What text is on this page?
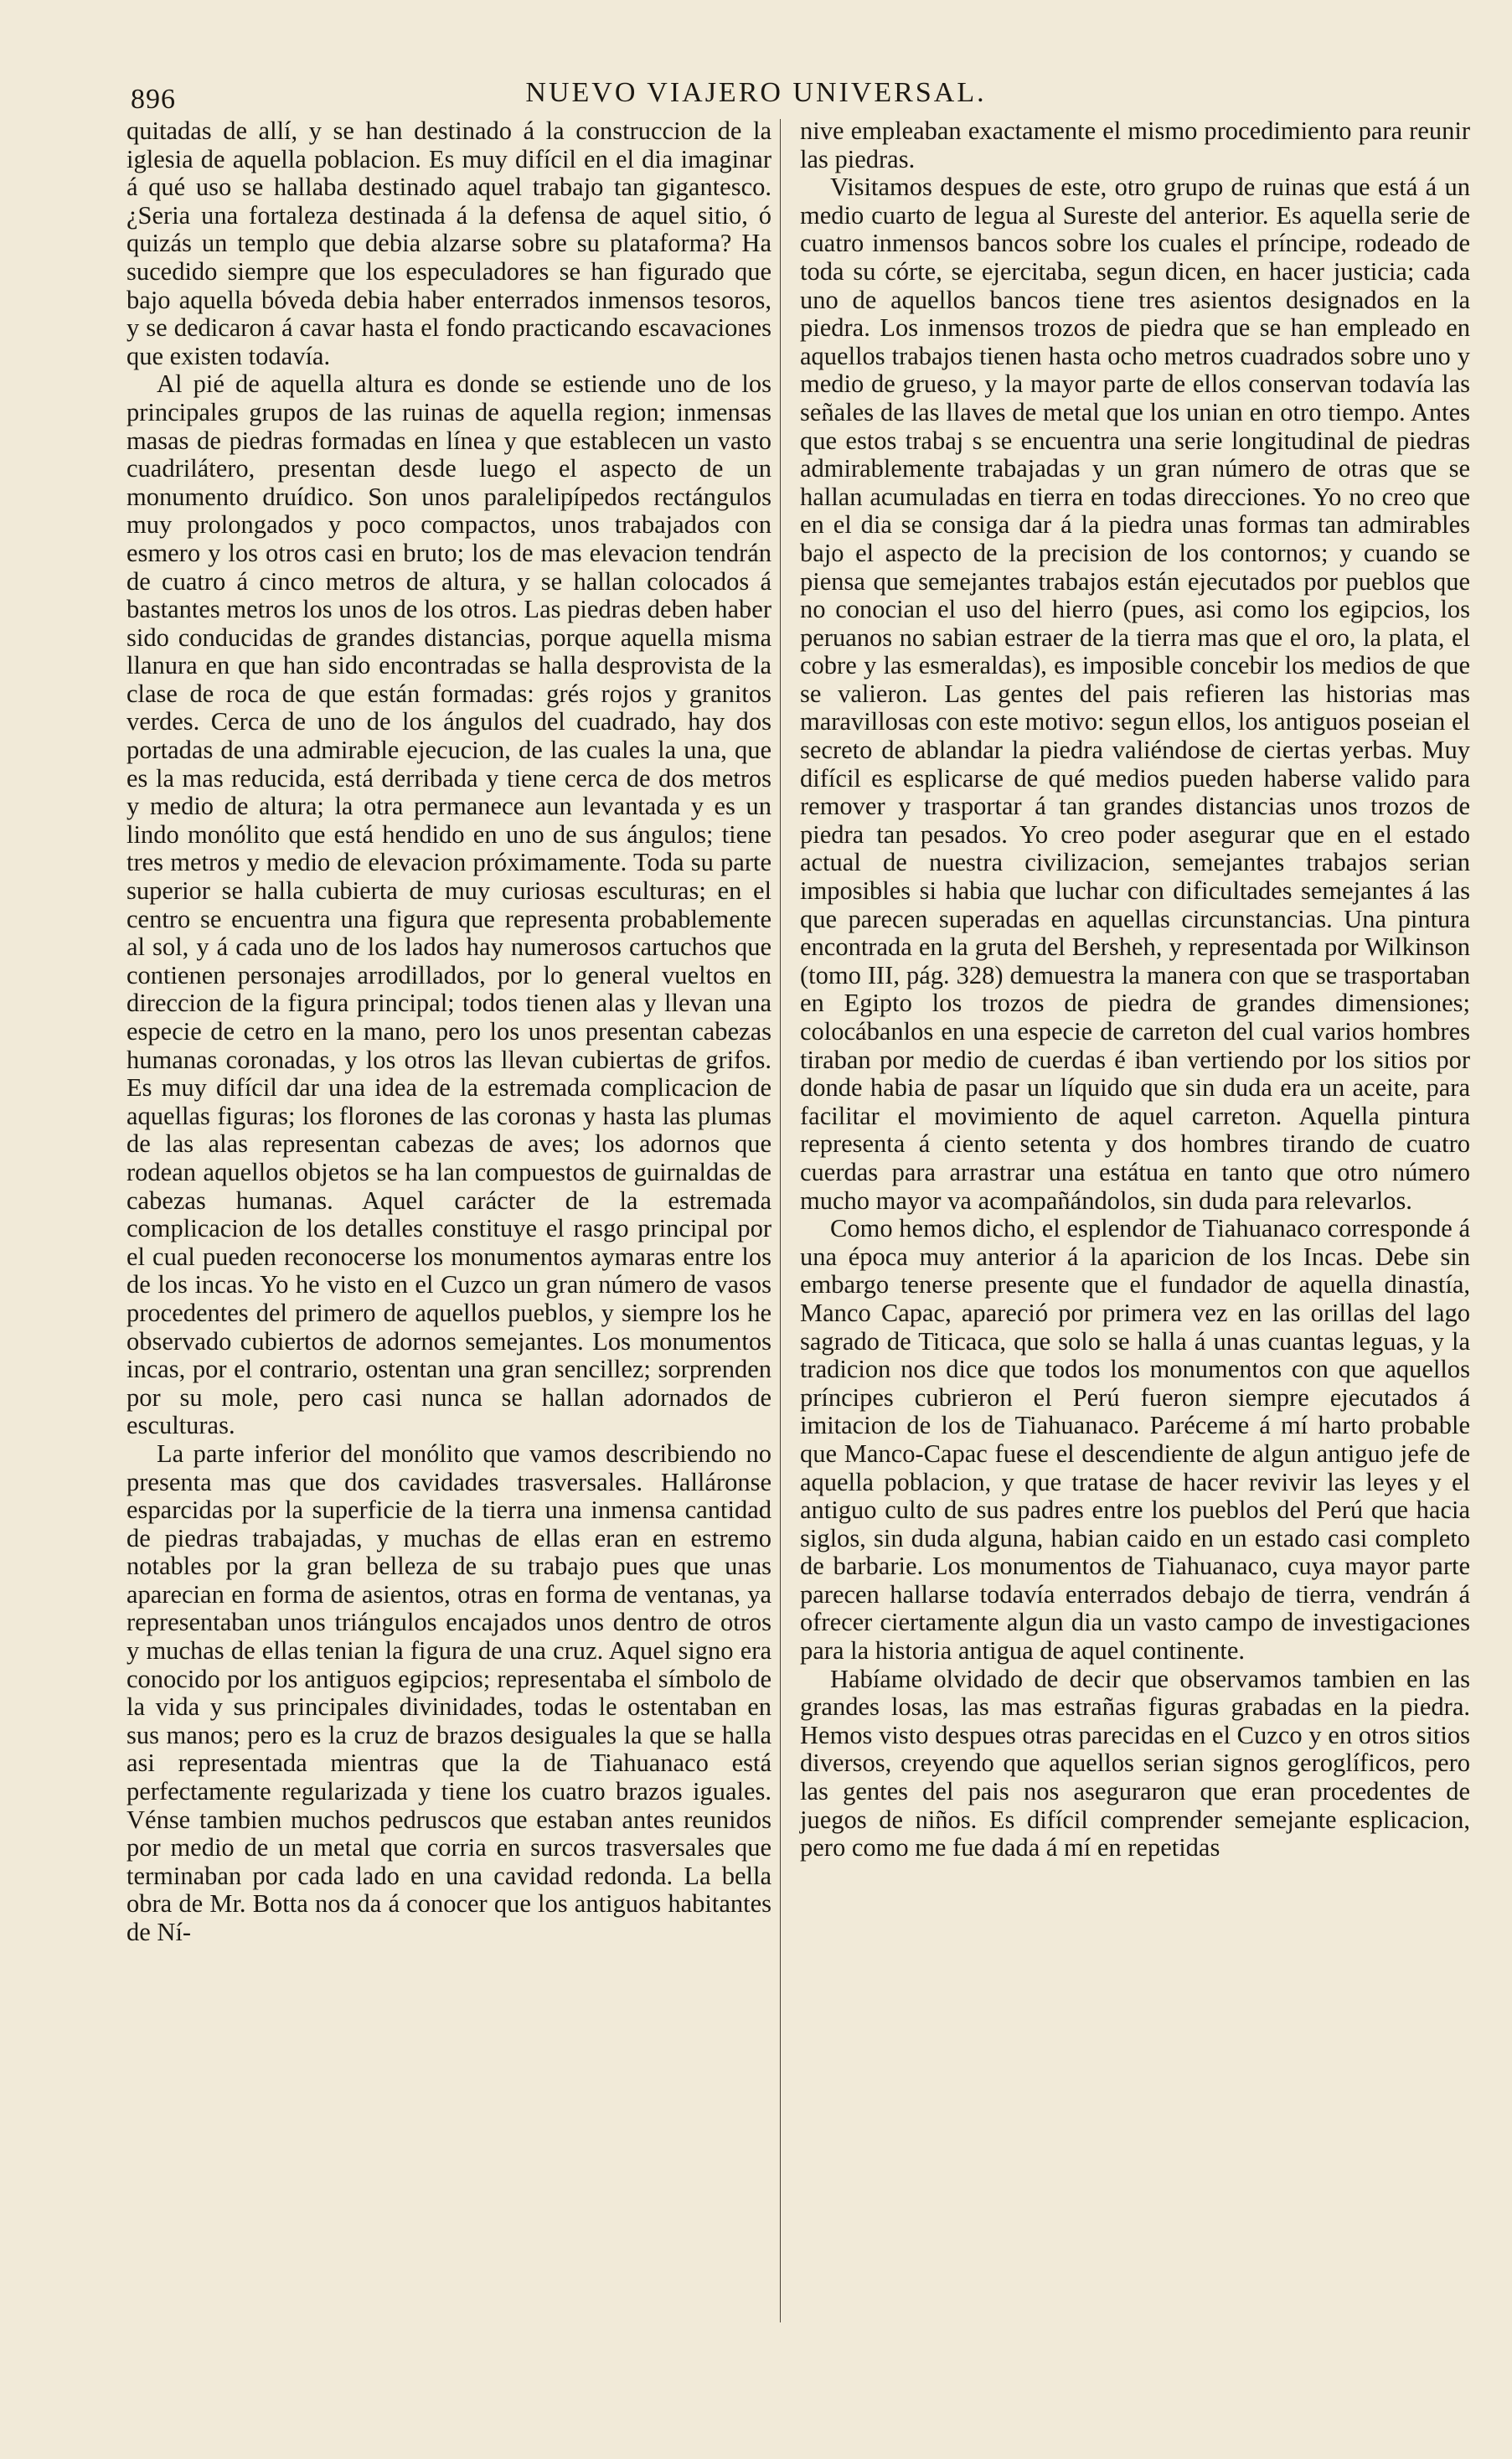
896	NUEVO VIAJERO UNIVERSAL.

quitadas de allí, y se han destinado á la construccion de la iglesia de aquella poblacion. Es muy difícil en el dia imaginar á qué uso se hallaba destinado aquel trabajo tan gigantesco. ¿Seria una fortaleza destinada á la defensa de aquel sitio, ó quizás un templo que debia alzarse sobre su plataforma? Ha sucedido siempre que los especuladores se han figurado que bajo aquella bóveda debia haber enterrados inmensos tesoros, y se dedicaron á cavar hasta el fondo practicando escavaciones que existen todavía.

Al pié de aquella altura es donde se estiende uno de los principales grupos de las ruinas de aquella region; inmensas masas de piedras formadas en línea y que establecen un vasto cuadrilátero, presentan desde luego el aspecto de un monumento druídico. Son unos paralelipípedos rectángulos muy prolongados y poco compactos, unos trabajados con esmero y los otros casi en bruto; los de mas elevacion tendrán de cuatro á cinco metros de altura, y se hallan colocados á bastantes metros los unos de los otros. Las piedras deben haber sido conducidas de grandes distancias, porque aquella misma llanura en que han sido encontradas se halla desprovista de la clase de roca de que están formadas: grés rojos y granitos verdes. Cerca de uno de los ángulos del cuadrado, hay dos portadas de una admirable ejecucion, de las cuales la una, que es la mas reducida, está derribada y tiene cerca de dos metros y medio de altura; la otra permanece aun levantada y es un lindo monólito que está hendido en uno de sus ángulos; tiene tres metros y medio de elevacion próximamente. Toda su parte superior se halla cubierta de muy curiosas esculturas; en el centro se encuentra una figura que representa probablemente al sol, y á cada uno de los lados hay numerosos cartuchos que contienen personajes arrodillados, por lo general vueltos en direccion de la figura principal; todos tienen alas y llevan una especie de cetro en la mano, pero los unos presentan cabezas humanas coronadas, y los otros las llevan cubiertas de grifos. Es muy difícil dar una idea de la estremada complicacion de aquellas figuras; los florones de las coronas y hasta las plumas de las alas representan cabezas de aves; los adornos que rodean aquellos objetos se ha lan compuestos de guirnaldas de cabezas humanas. Aquel carácter de la estremada complicacion de los detalles constituye el rasgo principal por el cual pueden reconocerse los monumentos aymaras entre los de los incas. Yo he visto en el Cuzco un gran número de vasos procedentes del primero de aquellos pueblos, y siempre los he observado cubiertos de adornos semejantes. Los monumentos incas, por el contrario, ostentan una gran sencillez; sorprenden por su mole, pero casi nunca se hallan adornados de esculturas.

La parte inferior del monólito que vamos describiendo no presenta mas que dos cavidades trasversales. Halláronse esparcidas por la superficie de la tierra una inmensa cantidad de piedras trabajadas, y muchas de ellas eran en estremo notables por la gran belleza de su trabajo pues que unas aparecian en forma de asientos, otras en forma de ventanas, ya representaban unos triángulos encajados unos dentro de otros y muchas de ellas tenian la figura de una cruz. Aquel signo era conocido por los antiguos egipcios; representaba el símbolo de la vida y sus principales divinidades, todas le ostentaban en sus manos; pero es la cruz de brazos desiguales la que se halla asi representada mientras que la de Tiahuanaco está perfectamente regularizada y tiene los cuatro brazos iguales. Vénse tambien muchos pedruscos que estaban antes reunidos por medio de un metal que corria en surcos trasversales que terminaban por cada lado en una cavidad redonda. La bella obra de Mr. Botta nos da á conocer que los antiguos habitantes de Ní-

nive empleaban exactamente el mismo procedimiento para reunir las piedras.

Visitamos despues de este, otro grupo de ruinas que está á un medio cuarto de legua al Sureste del anterior. Es aquella serie de cuatro inmensos bancos sobre los cuales el príncipe, rodeado de toda su córte, se ejercitaba, segun dicen, en hacer justicia; cada uno de aquellos bancos tiene tres asientos designados en la piedra. Los inmensos trozos de piedra que se han empleado en aquellos trabajos tienen hasta ocho metros cuadrados sobre uno y medio de grueso, y la mayor parte de ellos conservan todavía las señales de las llaves de metal que los unian en otro tiempo. Antes que estos trabaj s se encuentra una serie longitudinal de piedras admirablemente trabajadas y un gran número de otras que se hallan acumuladas en tierra en todas direcciones. Yo no creo que en el dia se consiga dar á la piedra unas formas tan admirables bajo el aspecto de la precision de los contornos; y cuando se piensa que semejantes trabajos están ejecutados por pueblos que no conocian el uso del hierro (pues, asi como los egipcios, los peruanos no sabian estraer de la tierra mas que el oro, la plata, el cobre y las esmeraldas), es imposible concebir los medios de que se valieron. Las gentes del pais refieren las historias mas maravillosas con este motivo: segun ellos, los antiguos poseian el secreto de ablandar la piedra valiéndose de ciertas yerbas. Muy difícil es esplicarse de qué medios pueden haberse valido para remover y trasportar á tan grandes distancias unos trozos de piedra tan pesados. Yo creo poder asegurar que en el estado actual de nuestra civilizacion, semejantes trabajos serian imposibles si habia que luchar con dificultades semejantes á las que parecen superadas en aquellas circunstancias. Una pintura encontrada en la gruta del Bersheh, y representada por Wilkinson (tomo III, pág. 328) demuestra la manera con que se trasportaban en Egipto los trozos de piedra de grandes dimensiones; colocábanlos en una especie de carreton del cual varios hombres tiraban por medio de cuerdas é iban vertiendo por los sitios por donde habia de pasar un líquido que sin duda era un aceite, para facilitar el movimiento de aquel carreton. Aquella pintura representa á ciento setenta y dos hombres tirando de cuatro cuerdas para arrastrar una estátua en tanto que otro número mucho mayor va acompañándolos, sin duda para relevarlos.

Como hemos dicho, el esplendor de Tiahuanaco corresponde á una época muy anterior á la aparicion de los Incas. Debe sin embargo tenerse presente que el fundador de aquella dinastía, Manco Capac, apareció por primera vez en las orillas del lago sagrado de Titicaca, que solo se halla á unas cuantas leguas, y la tradicion nos dice que todos los monumentos con que aquellos príncipes cubrieron el Perú fueron siempre ejecutados á imitacion de los de Tiahuanaco. Paréceme á mí harto probable que Manco-Capac fuese el descendiente de algun antiguo jefe de aquella poblacion, y que tratase de hacer revivir las leyes y el antiguo culto de sus padres entre los pueblos del Perú que hacia siglos, sin duda alguna, habian caido en un estado casi completo de barbarie. Los monumentos de Tiahuanaco, cuya mayor parte parecen hallarse todavía enterrados debajo de tierra, vendrán á ofrecer ciertamente algun dia un vasto campo de investigaciones para la historia antigua de aquel continente.

Habíame olvidado de decir que observamos tambien en las grandes losas, las mas estrañas figuras grabadas en la piedra. Hemos visto despues otras parecidas en el Cuzco y en otros sitios diversos, creyendo que aquellos serian signos geroglíficos, pero las gentes del pais nos aseguraron que eran procedentes de juegos de niños. Es difícil comprender semejante esplicacion, pero como me fue dada á mí en repetidas
